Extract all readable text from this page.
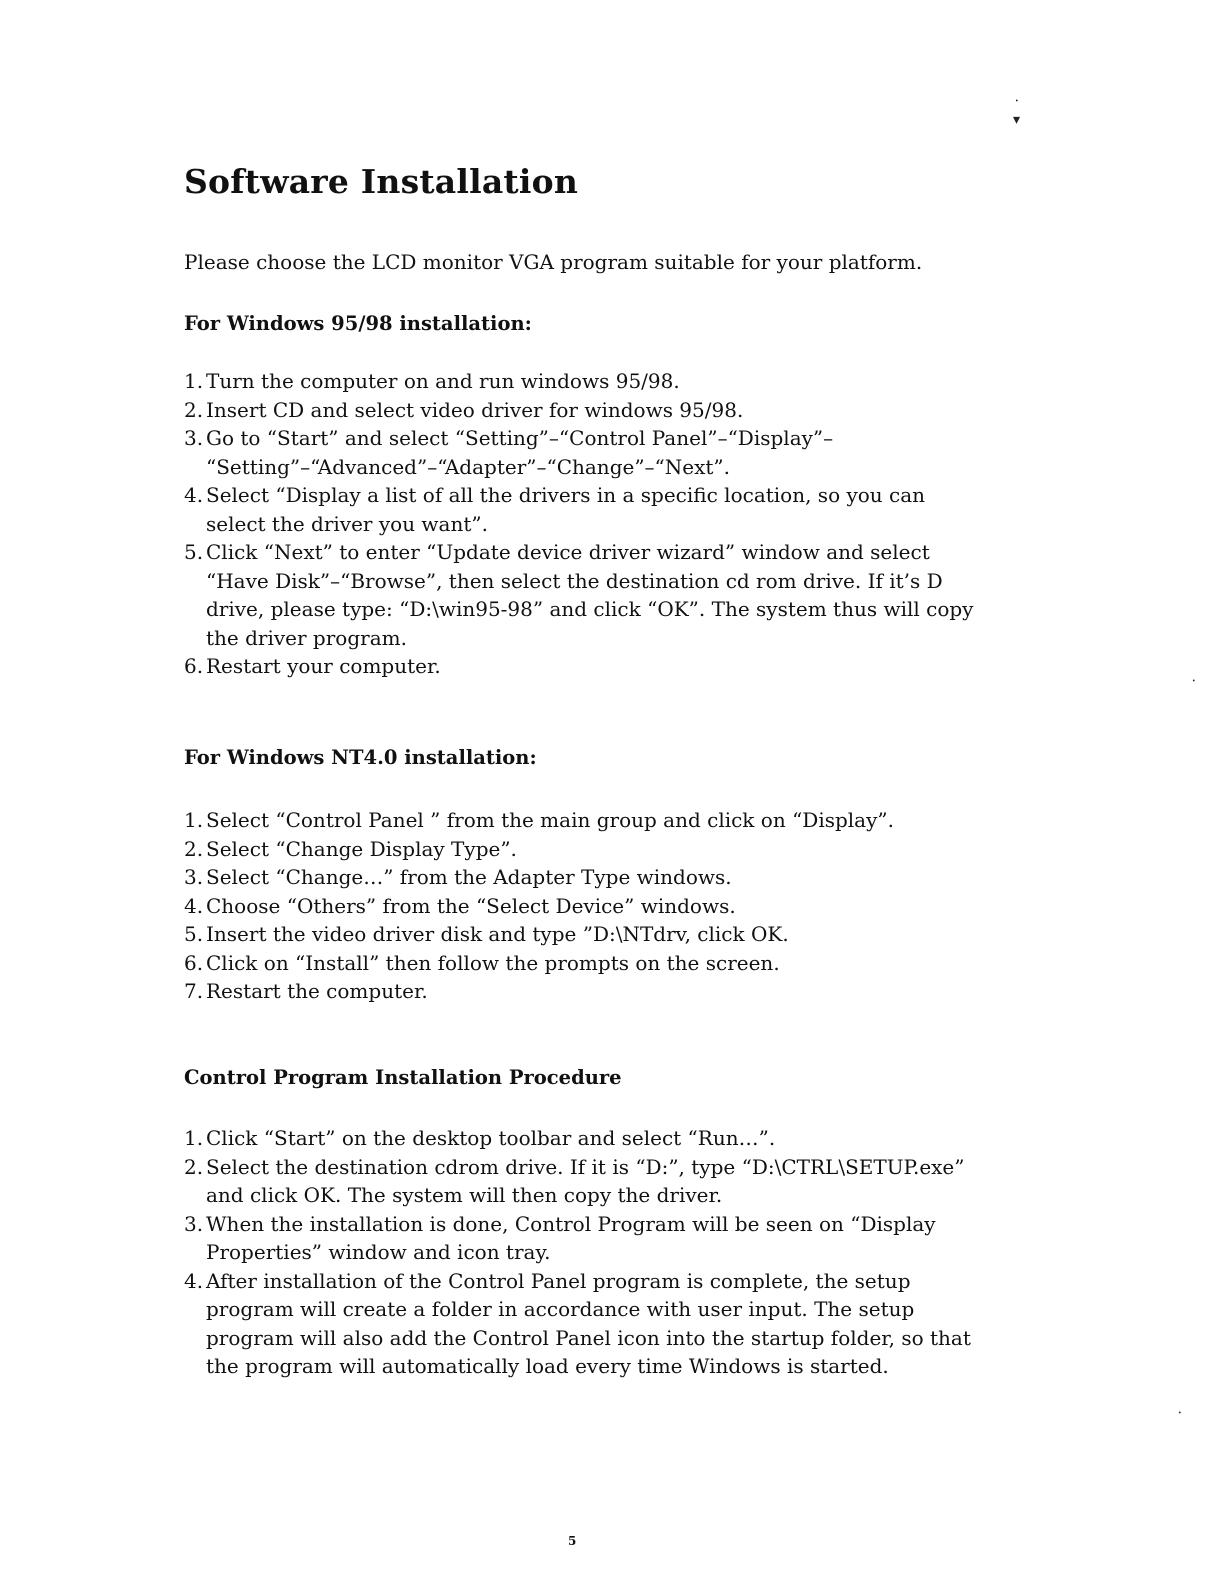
Software Installation

Please choose the LCD monitor VGA program suitable for your platform.

For Windows 95/98 installation:
1. Turn the computer on and run windows 95/98.
2. Insert CD and select video driver for windows 95/98.
3. Go to “Start” and select “Setting”–“Control Panel”–“Display”– “Setting”–“Advanced”–“Adapter”–“Change”–“Next”.
4. Select “Display a list of all the drivers in a specific location, so you can select the driver you want”.
5. Click “Next” to enter “Update device driver wizard” window and select “Have Disk”–“Browse”, then select the destination cd rom drive. If it’s D drive, please type: “D:\win95-98” and click “OK”. The system thus will copy the driver program.
6. Restart your computer.
For Windows NT4.0 installation:
1. Select “Control Panel ” from the main group and click on “Display”.
2. Select “Change Display Type”.
3. Select “Change…” from the Adapter Type windows.
4. Choose “Others” from the “Select Device” windows.
5. Insert the video driver disk and type ”D:\NTdrv, click OK.
6. Click on “Install” then follow the prompts on the screen.
7. Restart the computer.
Control Program Installation Procedure
1. Click “Start” on the desktop toolbar and select “Run…”.
2. Select the destination cdrom drive. If it is “D:”, type “D:\CTRL\SETUP.exe” and click OK. The system will then copy the driver.
3. When the installation is done, Control Program will be seen on “Display Properties” window and icon tray.
4. After installation of the Control Panel program is complete, the setup program will create a folder in accordance with user input. The setup program will also add the Control Panel icon into the startup folder, so that the program will automatically load every time Windows is started.
5
▾
•
•
•
